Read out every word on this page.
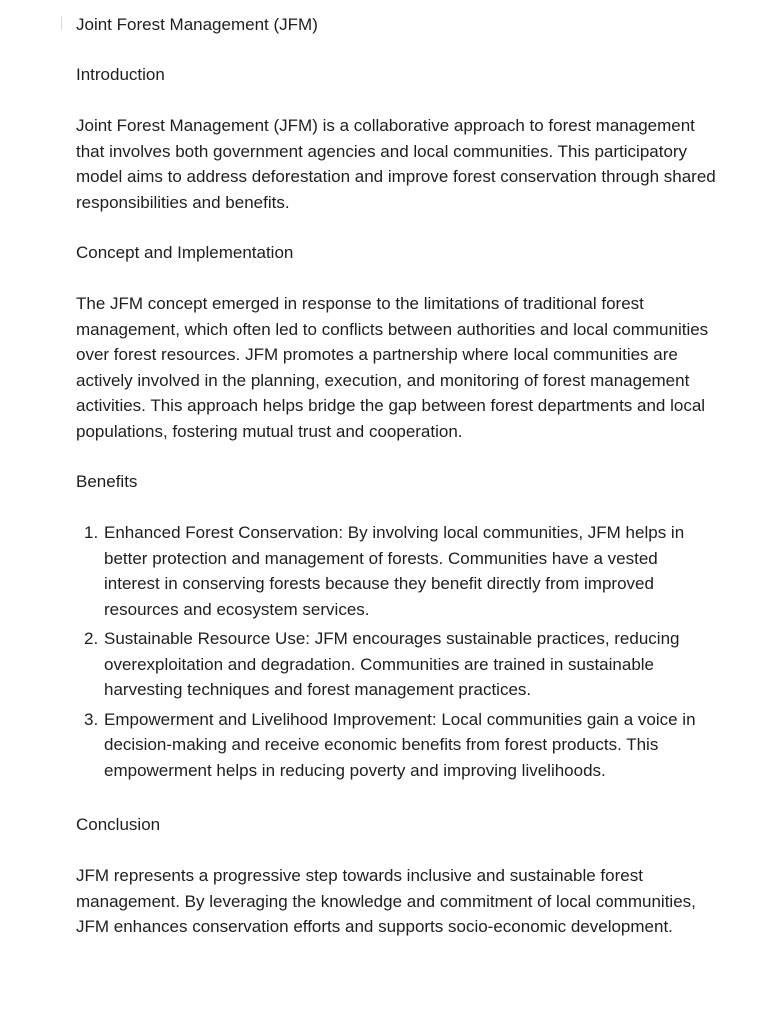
Joint Forest Management (JFM)
Introduction

Joint Forest Management (JFM) is a collaborative approach to forest management that involves both government agencies and local communities. This participatory model aims to address deforestation and improve forest conservation through shared responsibilities and benefits.

Concept and Implementation

The JFM concept emerged in response to the limitations of traditional forest management, which often led to conflicts between authorities and local communities over forest resources. JFM promotes a partnership where local communities are actively involved in the planning, execution, and monitoring of forest management activities. This approach helps bridge the gap between forest departments and local populations, fostering mutual trust and cooperation.

Benefits
1. Enhanced Forest Conservation: By involving local communities, JFM helps in better protection and management of forests. Communities have a vested interest in conserving forests because they benefit directly from improved resources and ecosystem services.
2. Sustainable Resource Use: JFM encourages sustainable practices, reducing overexploitation and degradation. Communities are trained in sustainable harvesting techniques and forest management practices.
3. Empowerment and Livelihood Improvement: Local communities gain a voice in decision-making and receive economic benefits from forest products. This empowerment helps in reducing poverty and improving livelihoods.
Conclusion

JFM represents a progressive step towards inclusive and sustainable forest management. By leveraging the knowledge and commitment of local communities, JFM enhances conservation efforts and supports socio-economic development.
